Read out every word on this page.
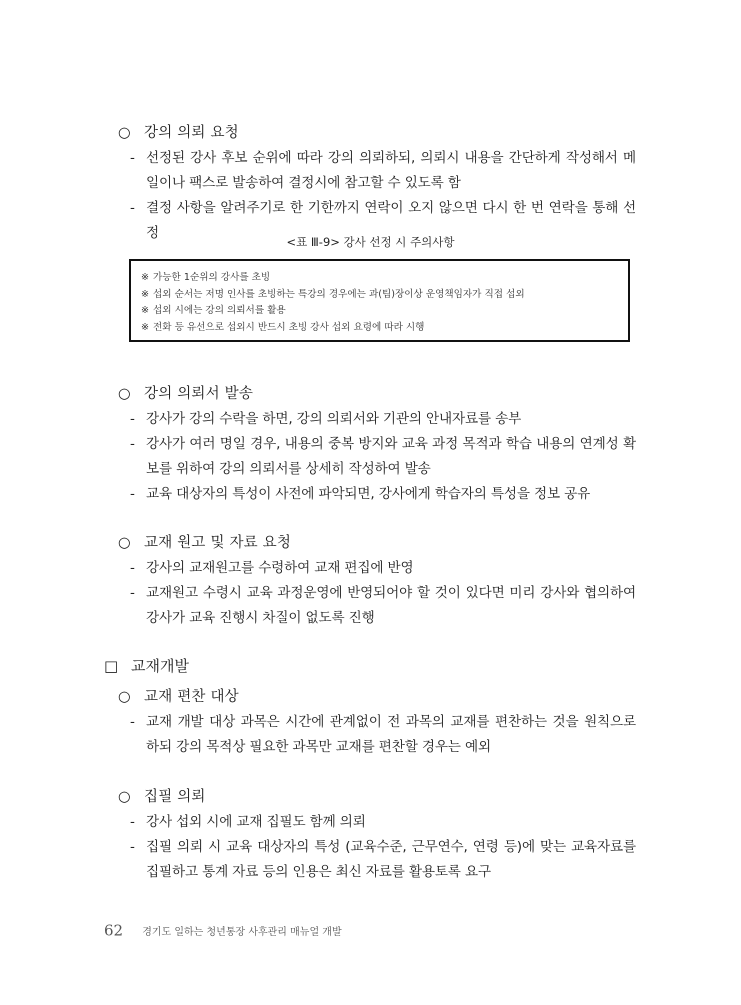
○ 강의 의뢰 요청
- 선정된 강사 후보 순위에 따라 강의 의뢰하되, 의뢰시 내용을 간단하게 작성해서 메일이나 팩스로 발송하여 결정시에 참고할 수 있도록 함
- 결정 사항을 알려주기로 한 기한까지 연락이 오지 않으면 다시 한 번 연락을 통해 선정
<표 Ⅲ-9> 강사 선정 시 주의사항
※ 가능한 1순위의 강사를 초빙
※ 섭외 순서는 저명 인사를 초빙하는 특강의 경우에는 과(팀)장이상 운영책임자가 직접 섭외
※ 섭외 시에는 강의 의뢰서를 활용
※ 전화 등 유선으로 섭외시 반드시 초빙 강사 섭외 요령에 따라 시행
○ 강의 의뢰서 발송
- 강사가 강의 수락을 하면, 강의 의뢰서와 기관의 안내자료를 송부
- 강사가 여러 명일 경우, 내용의 중복 방지와 교육 과정 목적과 학습 내용의 연계성 확보를 위하여 강의 의뢰서를 상세히 작성하여 발송
- 교육 대상자의 특성이 사전에 파악되면, 강사에게 학습자의 특성을 정보 공유
○ 교재 원고 및 자료 요청
- 강사의 교재원고를 수령하여 교재 편집에 반영
- 교재원고 수령시 교육 과정운영에 반영되어야 할 것이 있다면 미리 강사와 협의하여 강사가 교육 진행시 차질이 없도록 진행
□ 교재개발
○ 교재 편찬 대상
- 교재 개발 대상 과목은 시간에 관계없이 전 과목의 교재를 편찬하는 것을 원칙으로 하되 강의 목적상 필요한 과목만 교재를 편찬할 경우는 예외
○ 집필 의뢰
- 강사 섭외 시에 교재 집필도 함께 의뢰
- 집필 의뢰 시 교육 대상자의 특성 (교육수준, 근무연수, 연령 등)에 맞는 교육자료를 집필하고 통계 자료 등의 인용은 최신 자료를 활용토록 요구
62 경기도 일하는 청년통장 사후관리 매뉴얼 개발
